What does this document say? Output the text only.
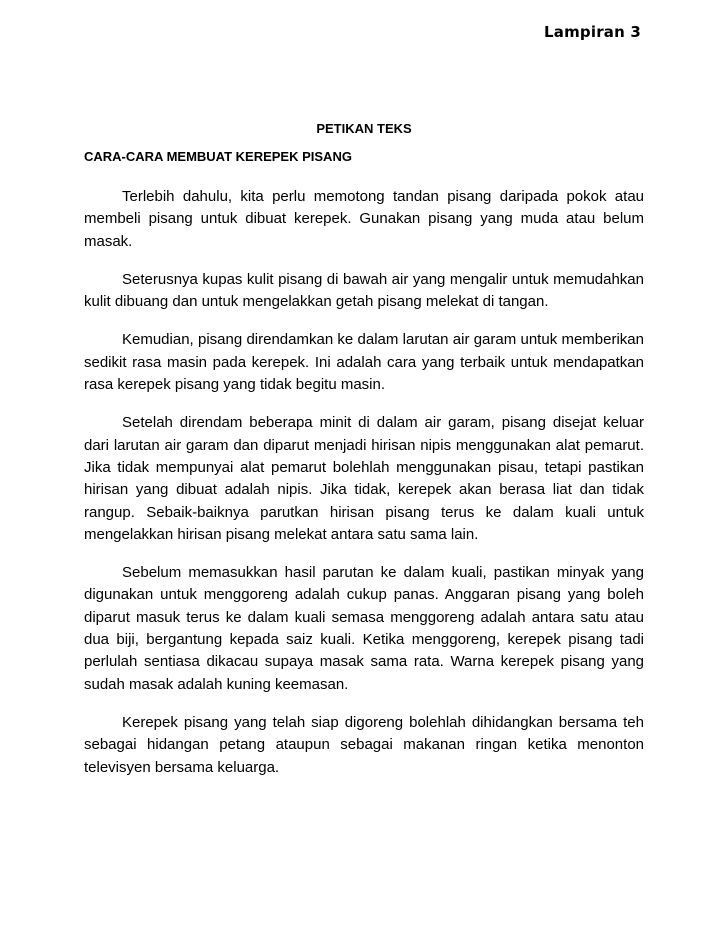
Lampiran 3
PETIKAN TEKS
CARA-CARA MEMBUAT KEREPEK PISANG

Terlebih dahulu, kita perlu memotong tandan pisang daripada pokok atau membeli pisang untuk dibuat kerepek. Gunakan pisang yang muda atau belum masak.

Seterusnya kupas kulit pisang di bawah air yang mengalir untuk memudahkan kulit dibuang dan untuk mengelakkan getah pisang melekat di tangan.

Kemudian, pisang direndamkan ke dalam larutan air garam untuk memberikan sedikit rasa masin pada kerepek. Ini adalah cara yang terbaik untuk mendapatkan rasa kerepek pisang yang tidak begitu masin.

Setelah direndam beberapa minit di dalam air garam, pisang disejat keluar dari larutan air garam dan diparut menjadi hirisan nipis menggunakan alat pemarut. Jika tidak mempunyai alat pemarut bolehlah menggunakan pisau, tetapi pastikan hirisan yang dibuat adalah nipis. Jika tidak, kerepek akan berasa liat dan tidak rangup. Sebaik-baiknya parutkan hirisan pisang terus ke dalam kuali untuk mengelakkan hirisan pisang melekat antara satu sama lain.

Sebelum memasukkan hasil parutan ke dalam kuali, pastikan minyak yang digunakan untuk menggoreng adalah cukup panas. Anggaran pisang yang boleh diparut masuk terus ke dalam kuali semasa menggoreng adalah antara satu atau dua biji, bergantung kepada saiz kuali. Ketika menggoreng, kerepek pisang tadi perlulah sentiasa dikacau supaya masak sama rata. Warna kerepek pisang yang sudah masak adalah kuning keemasan.

Kerepek pisang yang telah siap digoreng bolehlah dihidangkan bersama teh sebagai hidangan petang ataupun sebagai makanan ringan ketika menonton televisyen bersama keluarga.
